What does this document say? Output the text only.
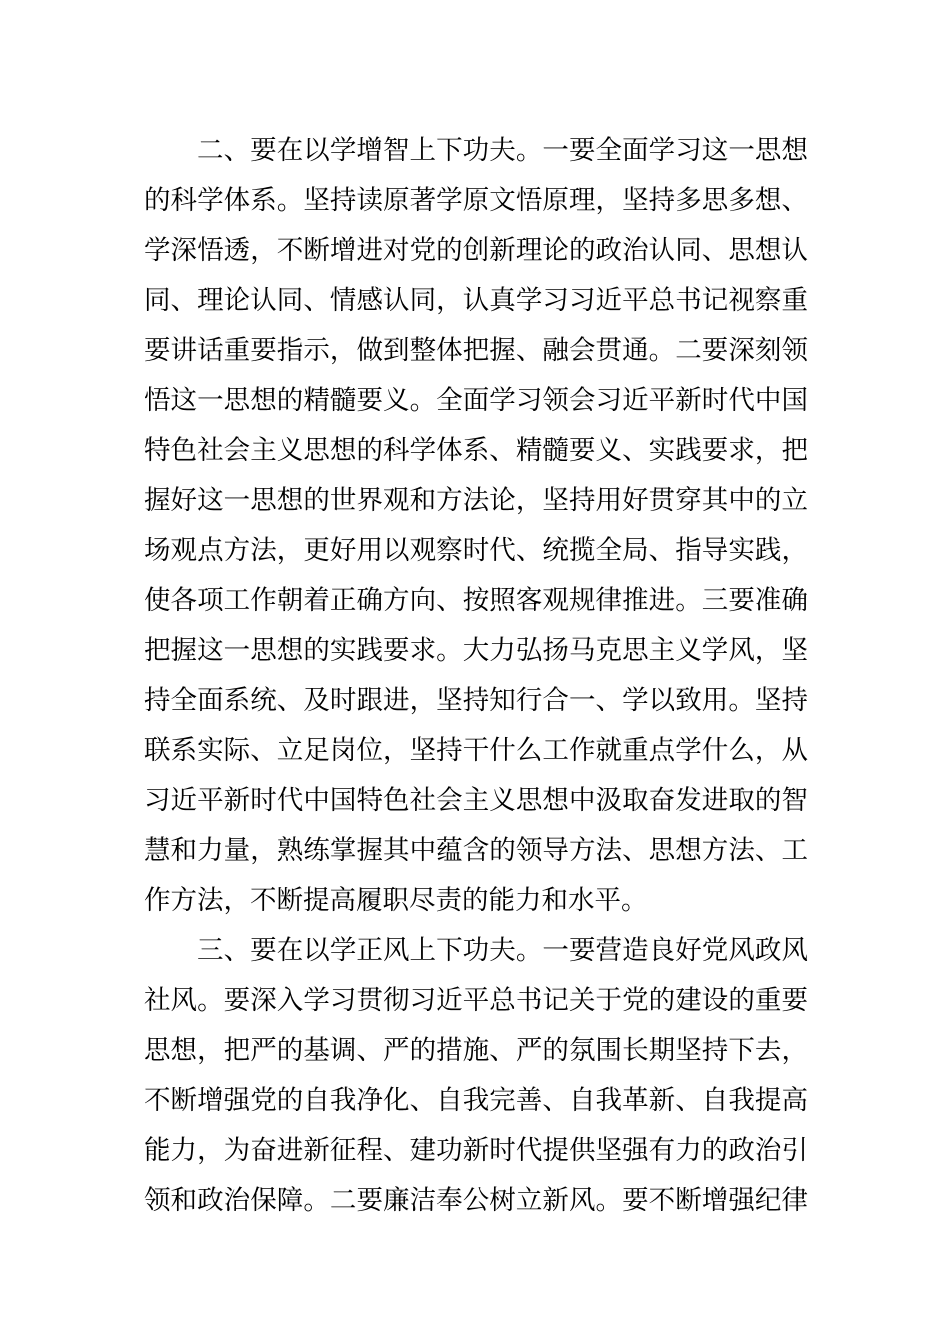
二、要在以学增智上下功夫。一要全面学习这一思想
的科学体系。坚持读原著学原文悟原理，坚持多思多想、
学深悟透，不断增进对党的创新理论的政治认同、思想认
同、理论认同、情感认同，认真学习习近平总书记视察重
要讲话重要指示，做到整体把握、融会贯通。二要深刻领
悟这一思想的精髓要义。全面学习领会习近平新时代中国
特色社会主义思想的科学体系、精髓要义、实践要求，把
握好这一思想的世界观和方法论，坚持用好贯穿其中的立
场观点方法，更好用以观察时代、统揽全局、指导实践，
使各项工作朝着正确方向、按照客观规律推进。三要准确
把握这一思想的实践要求。大力弘扬马克思主义学风，坚
持全面系统、及时跟进，坚持知行合一、学以致用。坚持
联系实际、立足岗位，坚持干什么工作就重点学什么，从
习近平新时代中国特色社会主义思想中汲取奋发进取的智
慧和力量，熟练掌握其中蕴含的领导方法、思想方法、工
作方法，不断提高履职尽责的能力和水平。
三、要在以学正风上下功夫。一要营造良好党风政风
社风。要深入学习贯彻习近平总书记关于党的建设的重要
思想，把严的基调、严的措施、严的氛围长期坚持下去，
不断增强党的自我净化、自我完善、自我革新、自我提高
能力，为奋进新征程、建功新时代提供坚强有力的政治引
领和政治保障。二要廉洁奉公树立新风。要不断增强纪律
